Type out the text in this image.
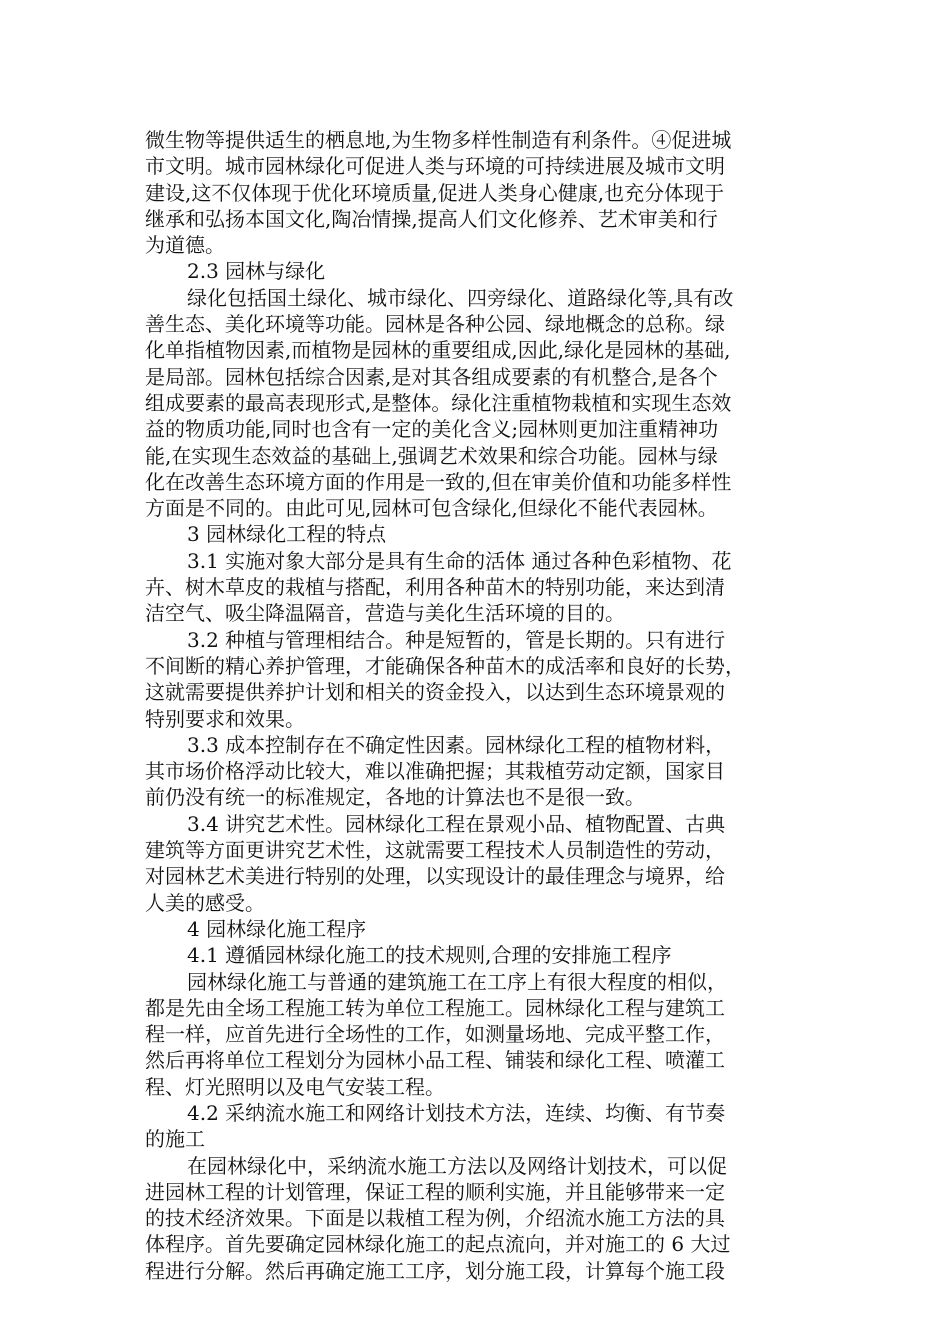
微生物等提供适生的栖息地,为生物多样性制造有利条件。④促进城
市文明。城市园林绿化可促进人类与环境的可持续进展及城市文明
建设,这不仅体现于优化环境质量,促进人类身心健康,也充分体现于
继承和弘扬本国文化,陶冶情操,提高人们文化修养、艺术审美和行
为道德。
2.3 园林与绿化
绿化包括国土绿化、城市绿化、四旁绿化、道路绿化等,具有改
善生态、美化环境等功能。园林是各种公园、绿地概念的总称。绿
化单指植物因素,而植物是园林的重要组成,因此,绿化是园林的基础,
是局部。园林包括综合因素,是对其各组成要素的有机整合,是各个
组成要素的最高表现形式,是整体。绿化注重植物栽植和实现生态效
益的物质功能,同时也含有一定的美化含义;园林则更加注重精神功
能,在实现生态效益的基础上,强调艺术效果和综合功能。园林与绿
化在改善生态环境方面的作用是一致的,但在审美价值和功能多样性
方面是不同的。由此可见,园林可包含绿化,但绿化不能代表园林。
3 园林绿化工程的特点
3.1 实施对象大部分是具有生命的活体 通过各种色彩植物、花
卉、树木草皮的栽植与搭配，利用各种苗木的特别功能，来达到清
洁空气、吸尘降温隔音，营造与美化生活环境的目的。
3.2 种植与管理相结合。种是短暂的，管是长期的。只有进行
不间断的精心养护管理，才能确保各种苗木的成活率和良好的长势，
这就需要提供养护计划和相关的资金投入，以达到生态环境景观的
特别要求和效果。
3.3 成本控制存在不确定性因素。园林绿化工程的植物材料，
其市场价格浮动比较大，难以准确把握；其栽植劳动定额，国家目
前仍没有统一的标准规定，各地的计算法也不是很一致。
3.4 讲究艺术性。园林绿化工程在景观小品、植物配置、古典
建筑等方面更讲究艺术性，这就需要工程技术人员制造性的劳动，
对园林艺术美进行特别的处理，以实现设计的最佳理念与境界，给
人美的感受。
4 园林绿化施工程序
4.1 遵循园林绿化施工的技术规则,合理的安排施工程序
园林绿化施工与普通的建筑施工在工序上有很大程度的相似，
都是先由全场工程施工转为单位工程施工。园林绿化工程与建筑工
程一样，应首先进行全场性的工作，如测量场地、完成平整工作，
然后再将单位工程划分为园林小品工程、铺装和绿化工程、喷灌工
程、灯光照明以及电气安装工程。
4.2 采纳流水施工和网络计划技术方法，连续、均衡、有节奏
的施工
在园林绿化中，采纳流水施工方法以及网络计划技术，可以促
进园林工程的计划管理，保证工程的顺利实施，并且能够带来一定
的技术经济效果。下面是以栽植工程为例，介绍流水施工方法的具
体程序。首先要确定园林绿化施工的起点流向，并对施工的 6 大过
程进行分解。然后再确定施工工序，划分施工段，计算每个施工段
